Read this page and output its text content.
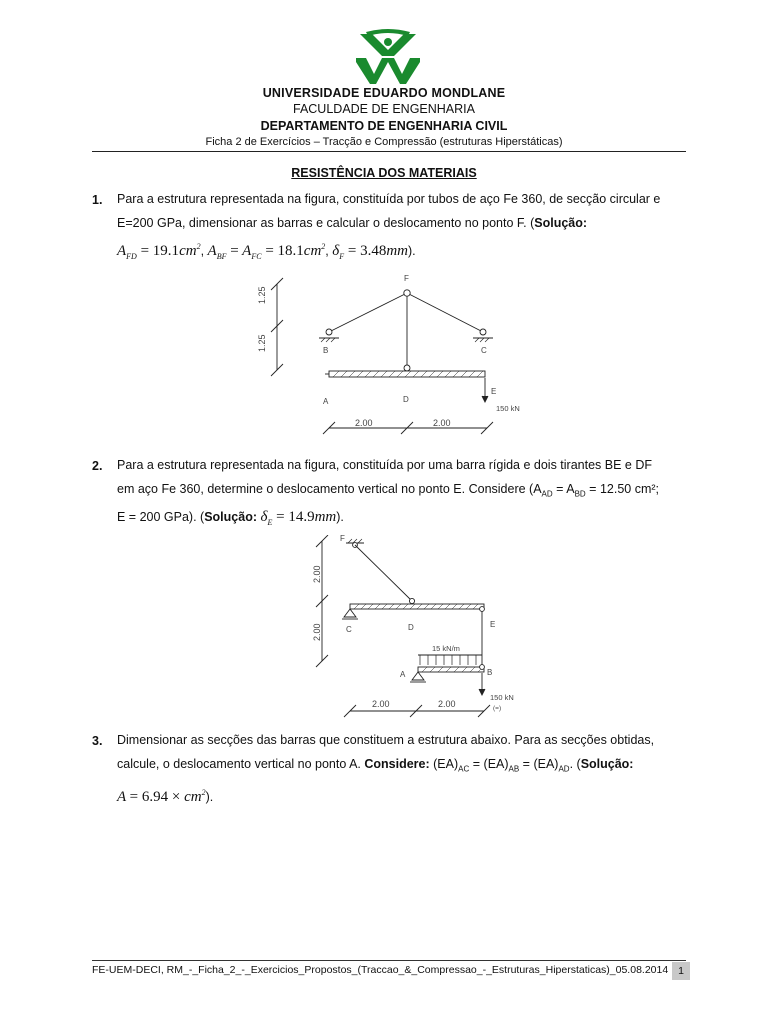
UNIVERSIDADE EDUARDO MONDLANE
FACULDADE DE ENGENHARIA
DEPARTAMENTO DE ENGENHARIA CIVIL
Ficha 2 de Exercícios – Tracção e Compressão (estruturas Hiperstáticas)
RESISTÊNCIA DOS MATERIAIS
1. Para a estrutura representada na figura, constituída por tubos de aço Fe 360, de secção circular e
E=200 GPa, dimensionar as barras e calcular o deslocamento no ponto F. (Solução:
$A_{FD} = 19.1cm^2$, $A_{BF} = A_{FC} = 18.1cm^2$, $\delta_F = 3.48mm$).
1.25
1.25
F
B	C
A	D
E
150 kN
2.00	2.00
2. Para a estrutura representada na figura, constituída por uma barra rígida e dois tirantes BE e DF
em aço Fe 360, determine o deslocamento vertical no ponto E. Considere ($A_{AD} = A_{BD} = 12.50$ cm²;
E = 200 GPa). (Solução: $\delta_E = 14.9mm$).
2.00
2.00
F
C	D	E
15 kN/m
A	B
150 kN
(=)
2.00	2.00
3. Dimensionar as secções das barras que constituem a estrutura abaixo. Para as secções obtidas,
calcule, o deslocamento vertical no ponto A. Considere: $(EA)_{AC} = (EA)_{AB} = (EA)_{AD}$. (Solução:
$A = 6.94 \times cm^2$).
FE-UEM-DECI, RM_-_Ficha_2_-_Exercicios_Propostos_(Traccao_&_Compressao_-_Estruturas_Hiperstaticas)_05.08.2014 1
